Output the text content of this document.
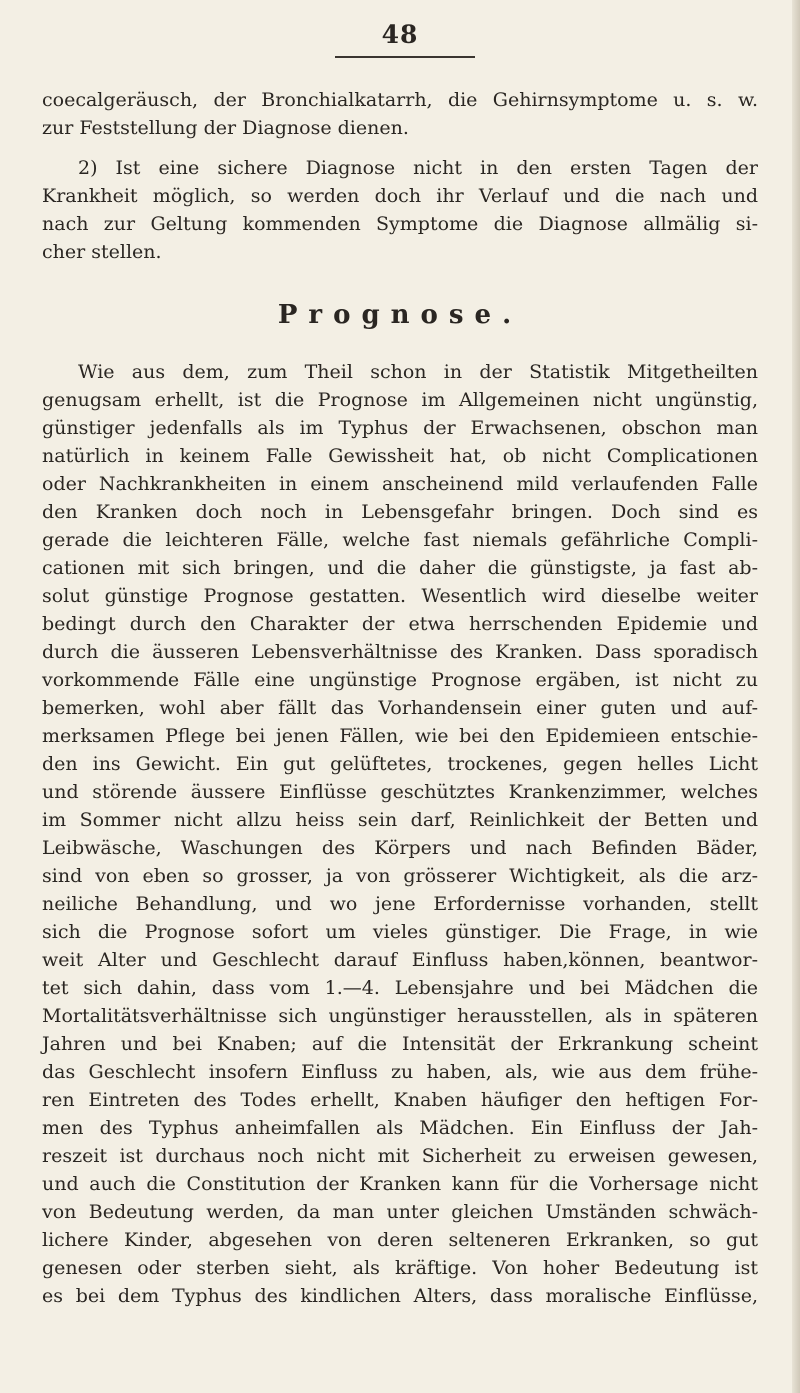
48
coecalgeräusch, der Bronchialkatarrh, die Gehirnsymptome u. s. w.
zur Feststellung der Diagnose dienen.
2) Ist eine sichere Diagnose nicht in den ersten Tagen der
Krankheit möglich, so werden doch ihr Verlauf und die nach und
nach zur Geltung kommenden Symptome die Diagnose allmälig si-
cher stellen.
Prognose.
Wie aus dem, zum Theil schon in der Statistik Mitgetheilten
genugsam erhellt, ist die Prognose im Allgemeinen nicht ungünstig,
günstiger jedenfalls als im Typhus der Erwachsenen, obschon man
natürlich in keinem Falle Gewissheit hat, ob nicht Complicationen
oder Nachkrankheiten in einem anscheinend mild verlaufenden Falle
den Kranken doch noch in Lebensgefahr bringen. Doch sind es
gerade die leichteren Fälle, welche fast niemals gefährliche Compli-
cationen mit sich bringen, und die daher die günstigste, ja fast ab-
solut günstige Prognose gestatten. Wesentlich wird dieselbe weiter
bedingt durch den Charakter der etwa herrschenden Epidemie und
durch die äusseren Lebensverhältnisse des Kranken. Dass sporadisch
vorkommende Fälle eine ungünstige Prognose ergäben, ist nicht zu
bemerken, wohl aber fällt das Vorhandensein einer guten und auf-
merksamen Pflege bei jenen Fällen, wie bei den Epidemieen entschie-
den ins Gewicht. Ein gut gelüftetes, trockenes, gegen helles Licht
und störende äussere Einflüsse geschütztes Krankenzimmer, welches
im Sommer nicht allzu heiss sein darf, Reinlichkeit der Betten und
Leibwäsche, Waschungen des Körpers und nach Befinden Bäder,
sind von eben so grosser, ja von grösserer Wichtigkeit, als die arz-
neiliche Behandlung, und wo jene Erfordernisse vorhanden, stellt
sich die Prognose sofort um vieles günstiger. Die Frage, in wie
weit Alter und Geschlecht darauf Einfluss haben,können, beantwor-
tet sich dahin, dass vom 1.—4. Lebensjahre und bei Mädchen die
Mortalitätsverhältnisse sich ungünstiger herausstellen, als in späteren
Jahren und bei Knaben; auf die Intensität der Erkrankung scheint
das Geschlecht insofern Einfluss zu haben, als, wie aus dem frühe-
ren Eintreten des Todes erhellt, Knaben häufiger den heftigen For-
men des Typhus anheimfallen als Mädchen. Ein Einfluss der Jah-
reszeit ist durchaus noch nicht mit Sicherheit zu erweisen gewesen,
und auch die Constitution der Kranken kann für die Vorhersage nicht
von Bedeutung werden, da man unter gleichen Umständen schwäch-
lichere Kinder, abgesehen von deren selteneren Erkranken, so gut
genesen oder sterben sieht, als kräftige. Von hoher Bedeutung ist
es bei dem Typhus des kindlichen Alters, dass moralische Einflüsse,
